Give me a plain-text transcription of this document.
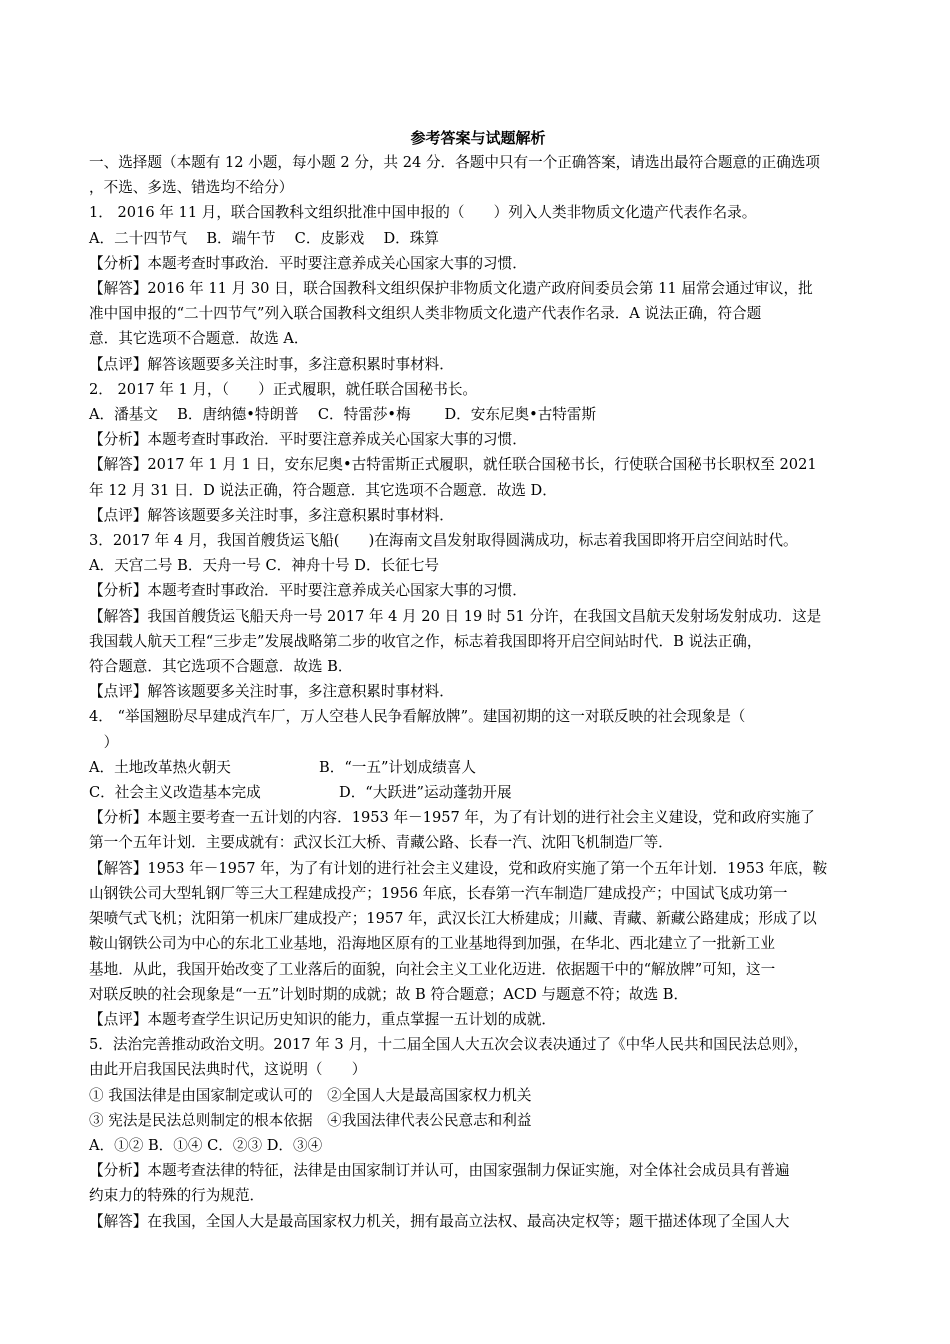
参考答案与试题解析

一、选择题（本题有 12 小题，每小题 2 分，共 24 分．各题中只有一个正确答案，请选出最符合题意的正确选项

，不选、多选、错选均不给分）

1． 2016 年 11 月，联合国教科文组织批准中国申报的（　　）列入人类非物质文化遗产代表作名录。

A．二十四节气　 B．端午节　 C．皮影戏　 D．珠算

【分析】本题考查时事政治．平时要注意养成关心国家大事的习惯．

【解答】2016 年 11 月 30 日，联合国教科文组织保护非物质文化遗产政府间委员会第 11 届常会通过审议，批

准中国申报的“二十四节气”列入联合国教科文组织人类非物质文化遗产代表作名录．A 说法正确，符合题

意．其它选项不合题意．故选 A．

【点评】解答该题要多关注时事，多注意积累时事材料．

2． 2017 年 1 月，（　　）正式履职，就任联合国秘书长。

A．潘基文　 B．唐纳德•特朗普　 C．特雷莎•梅　　 D．安东尼奥•古特雷斯

【分析】本题考查时事政治．平时要注意养成关心国家大事的习惯．

【解答】2017 年 1 月 1 日，安东尼奥•古特雷斯正式履职，就任联合国秘书长，行使联合国秘书长职权至 2021

年 12 月 31 日．D 说法正确，符合题意．其它选项不合题意．故选 D．

【点评】解答该题要多关注时事，多注意积累时事材料．

3．2017 年 4 月，我国首艘货运飞船(　　)在海南文昌发射取得圆满成功，标志着我国即将开启空间站时代。

A．天宫二号 B．天舟一号 C．神舟十号 D．长征七号

【分析】本题考查时事政治．平时要注意养成关心国家大事的习惯．

【解答】我国首艘货运飞船天舟一号 2017 年 4 月 20 日 19 时 51 分许，在我国文昌航天发射场发射成功．这是

我国载人航天工程“三步走”发展战略第二步的收官之作，标志着我国即将开启空间站时代．B 说法正确，

符合题意．其它选项不合题意．故选 B．

【点评】解答该题要多关注时事，多注意积累时事材料．

4． “举国翘盼尽早建成汽车厂，万人空巷人民争看解放牌”。建国初期的这一对联反映的社会现象是（

　）

A．土地改革热火朝天	B．“一五”计划成绩喜人

C．社会主义改造基本完成	D．“大跃进”运动蓬勃开展

【分析】本题主要考查一五计划的内容．1953 年－1957 年，为了有计划的进行社会主义建设，党和政府实施了

第一个五年计划．主要成就有：武汉长江大桥、青藏公路、长春一汽、沈阳飞机制造厂等．

【解答】1953 年－1957 年，为了有计划的进行社会主义建设，党和政府实施了第一个五年计划．1953 年底，鞍

山钢铁公司大型轧钢厂等三大工程建成投产；1956 年底，长春第一汽车制造厂建成投产；中国试飞成功第一

架喷气式飞机；沈阳第一机床厂建成投产；1957 年，武汉长江大桥建成；川藏、青藏、新藏公路建成；形成了以

鞍山钢铁公司为中心的东北工业基地，沿海地区原有的工业基地得到加强，在华北、西北建立了一批新工业

基地．从此，我国开始改变了工业落后的面貌，向社会主义工业化迈进．依据题干中的“解放牌”可知，这一

对联反映的社会现象是“一五”计划时期的成就；故 B 符合题意；ACD 与题意不符；故选 B．

【点评】本题考查学生识记历史知识的能力，重点掌握一五计划的成就．

5．法治完善推动政治文明。2017 年 3 月，十二届全国人大五次会议表决通过了《中华人民共和国民法总则》，

由此开启我国民法典时代，这说明（　　）

① 我国法律是由国家制定或认可的　②全国人大是最高国家权力机关

③ 宪法是民法总则制定的根本依据　④我国法律代表公民意志和利益

A．①② B．①④ C．②③ D．③④

【分析】本题考查法律的特征，法律是由国家制订并认可，由国家强制力保证实施，对全体社会成员具有普遍

约束力的特殊的行为规范．

【解答】在我国，全国人大是最高国家权力机关，拥有最高立法权、最高决定权等；题干描述体现了全国人大
